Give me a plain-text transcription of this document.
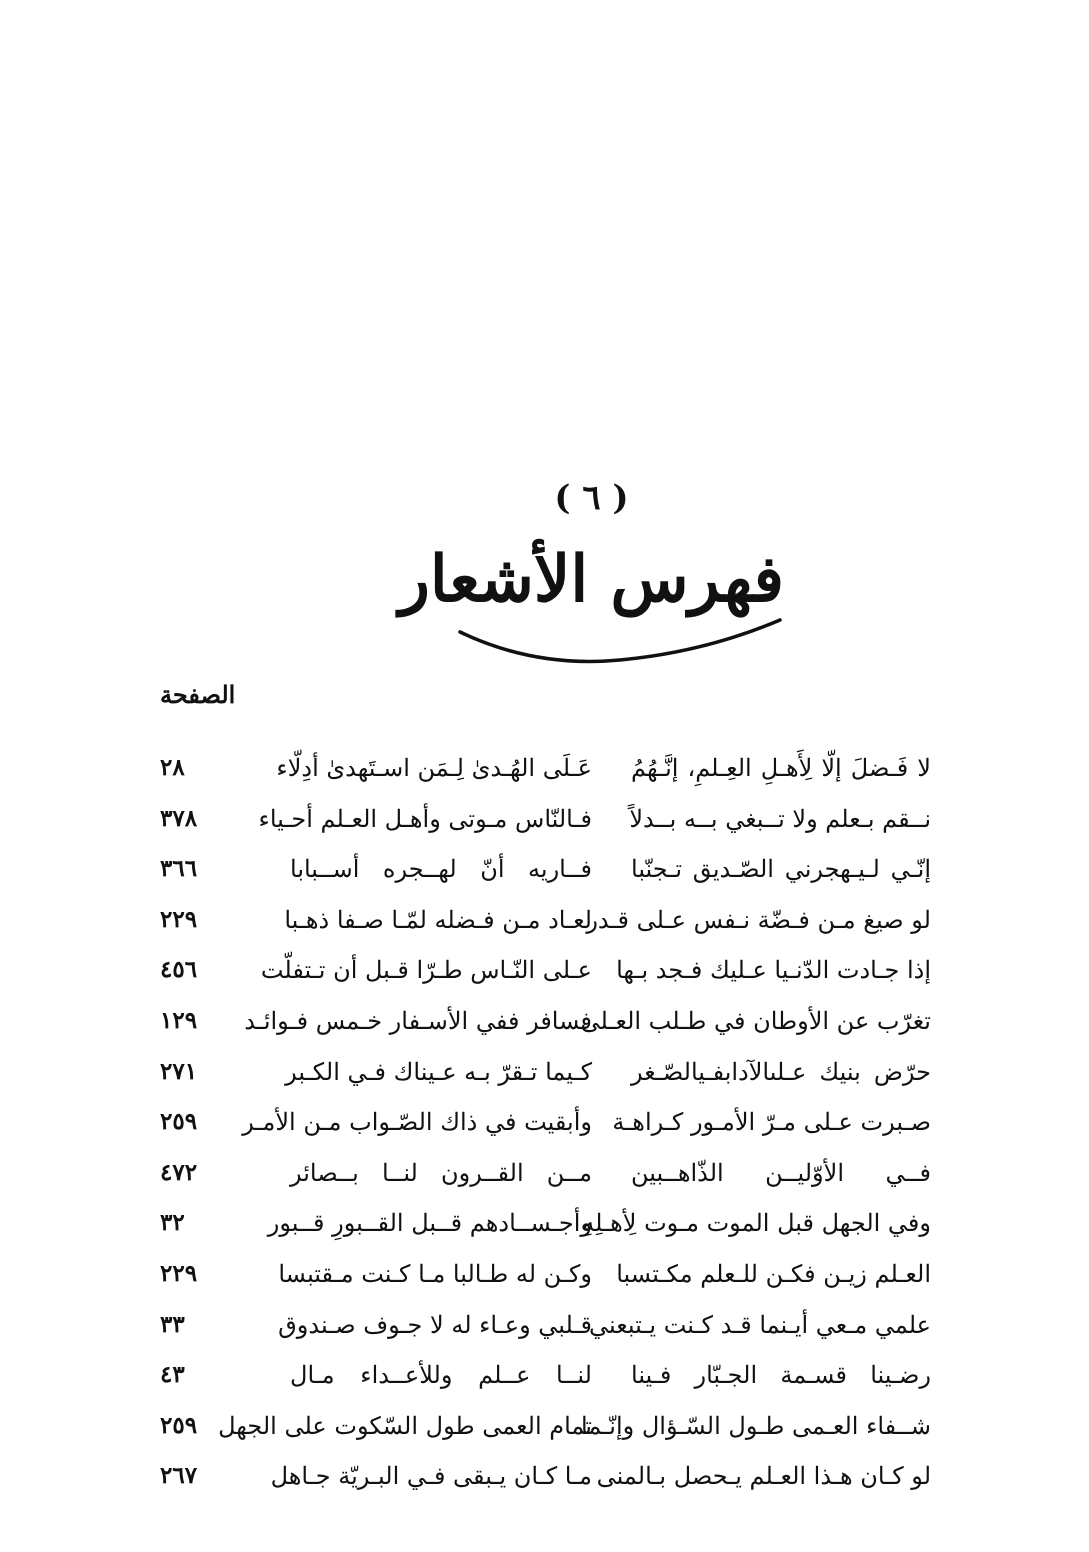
( ٦ )
فهرس الأشعار
الصفحة
لا فَـضلَ إلّا لِأَهـلِ العِـلمِ، إنَّـهُمُ
عَـلَى الهُـدىٰ لِـمَن اسـتَهدىٰ أدِلّاء
٢٨
نــقم بـعلم ولا تــبغي بــه بــدلاً
فـالنّاس مـوتى وأهـل العـلم أحـياء
٣٧٨
إنّـي لـيـهجرني الصّـديق تـجنّبا
فــاريه أنّ لهــجره أســبابا
٣٦٦
لو صيغ مـن فـضّة نـفس عـلى قـدر
لعـاد مـن فـضله لمّـا صـفا ذهـبا
٢٢٩
إذا جـادت الدّنـيا عـليك فـجد بـها
عـلى النّـاس طـرّا قـبل أن تـتفلّت
٤٥٦
تغرّب عن الأوطان في طـلب العـلى
فسافر ففي الأسـفار خـمس فـوائـد
١٢٩
حرّض بنيك عـلىالآدابفـيالصّـغر
كـيما تـقرّ بـه عـيناك فـي الكـبر
٢٧١
صـبرت عـلى مـرّ الأمـور كـراهـة
وأبقيت في ذاك الصّـواب مـن الأمـر
٢٥٩
فــي الأوّليــن الذّاهــبين
مــن القــرون لنــا بــصائر
٤٧٢
وفي الجهل قبل الموت مـوت لِأهـلِهِ
وأجـســادهم قــبل القــبورِ قــبور
٣٢
العـلم زيـن فكـن للـعلم مكـتسبا
وكـن له طـالبا مـا كـنت مـقتبسا
٢٢٩
علمي مـعي أيـنما قـد كـنت يـتبعني
قـلبي وعـاء له لا جـوف صـندوق
٣٣
رضـينا قسـمة الجـبّار فـينا
لنــا عــلم وللأعــداء مـال
٤٣
شــفاء العـمى طـول السّـؤال وإنّـما
تمام العمى طول السّكوت على الجهل
٢٥٩
لو كـان هـذا العـلم يـحصل بـالمنى
مـا كـان يـبقى فـي البـريّة جـاهل
٢٦٧
